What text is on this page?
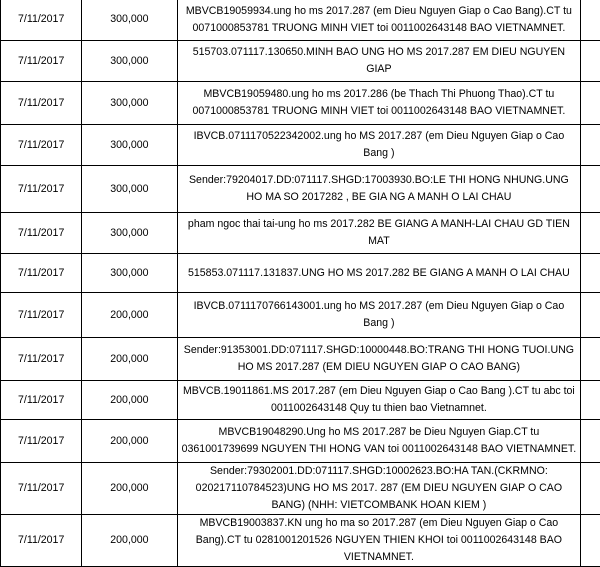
7/11/2017	300,000	MBVCB19059934.ung ho ms 2017.287 (em Dieu Nguyen Giap o Cao Bang).CT tu 0071000853781 TRUONG MINH VIET toi 0011002643148 BAO VIETNAMNET.	
7/11/2017	300,000	515703.071117.130650.MINH BAO UNG HO MS 2017.287 EM DIEU NGUYEN GIAP	
7/11/2017	300,000	MBVCB19059480.ung ho ms 2017.286 (be Thach Thi Phuong Thao).CT tu 0071000853781 TRUONG MINH VIET toi 0011002643148 BAO VIETNAMNET.	
7/11/2017	300,000	IBVCB.0711170522342002.ung ho MS 2017.287 (em Dieu Nguyen Giap o Cao Bang )	
7/11/2017	300,000	Sender:79204017.DD:071117.SHGD:17003930.BO:LE THI HONG NHUNG.UNG HO MA SO 2017282 , BE GIA NG A MANH O LAI CHAU	
7/11/2017	300,000	pham ngoc thai tai-ung ho ms 2017.282 BE GIANG A MANH-LAI CHAU GD TIEN MAT	
7/11/2017	300,000	515853.071117.131837.UNG HO MS 2017.282 BE GIANG A MANH O LAI CHAU	
7/11/2017	200,000	IBVCB.0711170766143001.ung ho MS 2017.287 (em Dieu Nguyen Giap o Cao Bang )	
7/11/2017	200,000	Sender:91353001.DD:071117.SHGD:10000448.BO:TRANG THI HONG TUOI.UNG HO MS 2017.287 (EM DIEU NGUYEN GIAP O CAO BANG)	
7/11/2017	200,000	MBVCB.19011861.MS 2017.287 (em Dieu Nguyen Giap o Cao Bang ).CT tu abc toi 0011002643148 Quy tu thien bao Vietnamnet.	
7/11/2017	200,000	MBVCB19048290.Ung ho MS 2017.287 be Dieu Nguyen Giap.CT tu 0361001739699 NGUYEN THI HONG VAN toi 0011002643148 BAO VIETNAMNET.	
7/11/2017	200,000	Sender:79302001.DD:071117.SHGD:10002623.BO:HA TAN.(CKRMNO: 020217110784523)UNG HO MS 2017. 287 (EM DIEU NGUYEN GIAP O CAO BANG) (NHH: VIETCOMBANK HOAN KIEM )	
7/11/2017	200,000	MBVCB19003837.KN ung ho ma so 2017.287 (em Dieu Nguyen Giap o Cao Bang).CT tu 0281001201526 NGUYEN THIEN KHOI toi 0011002643148 BAO VIETNAMNET.	
